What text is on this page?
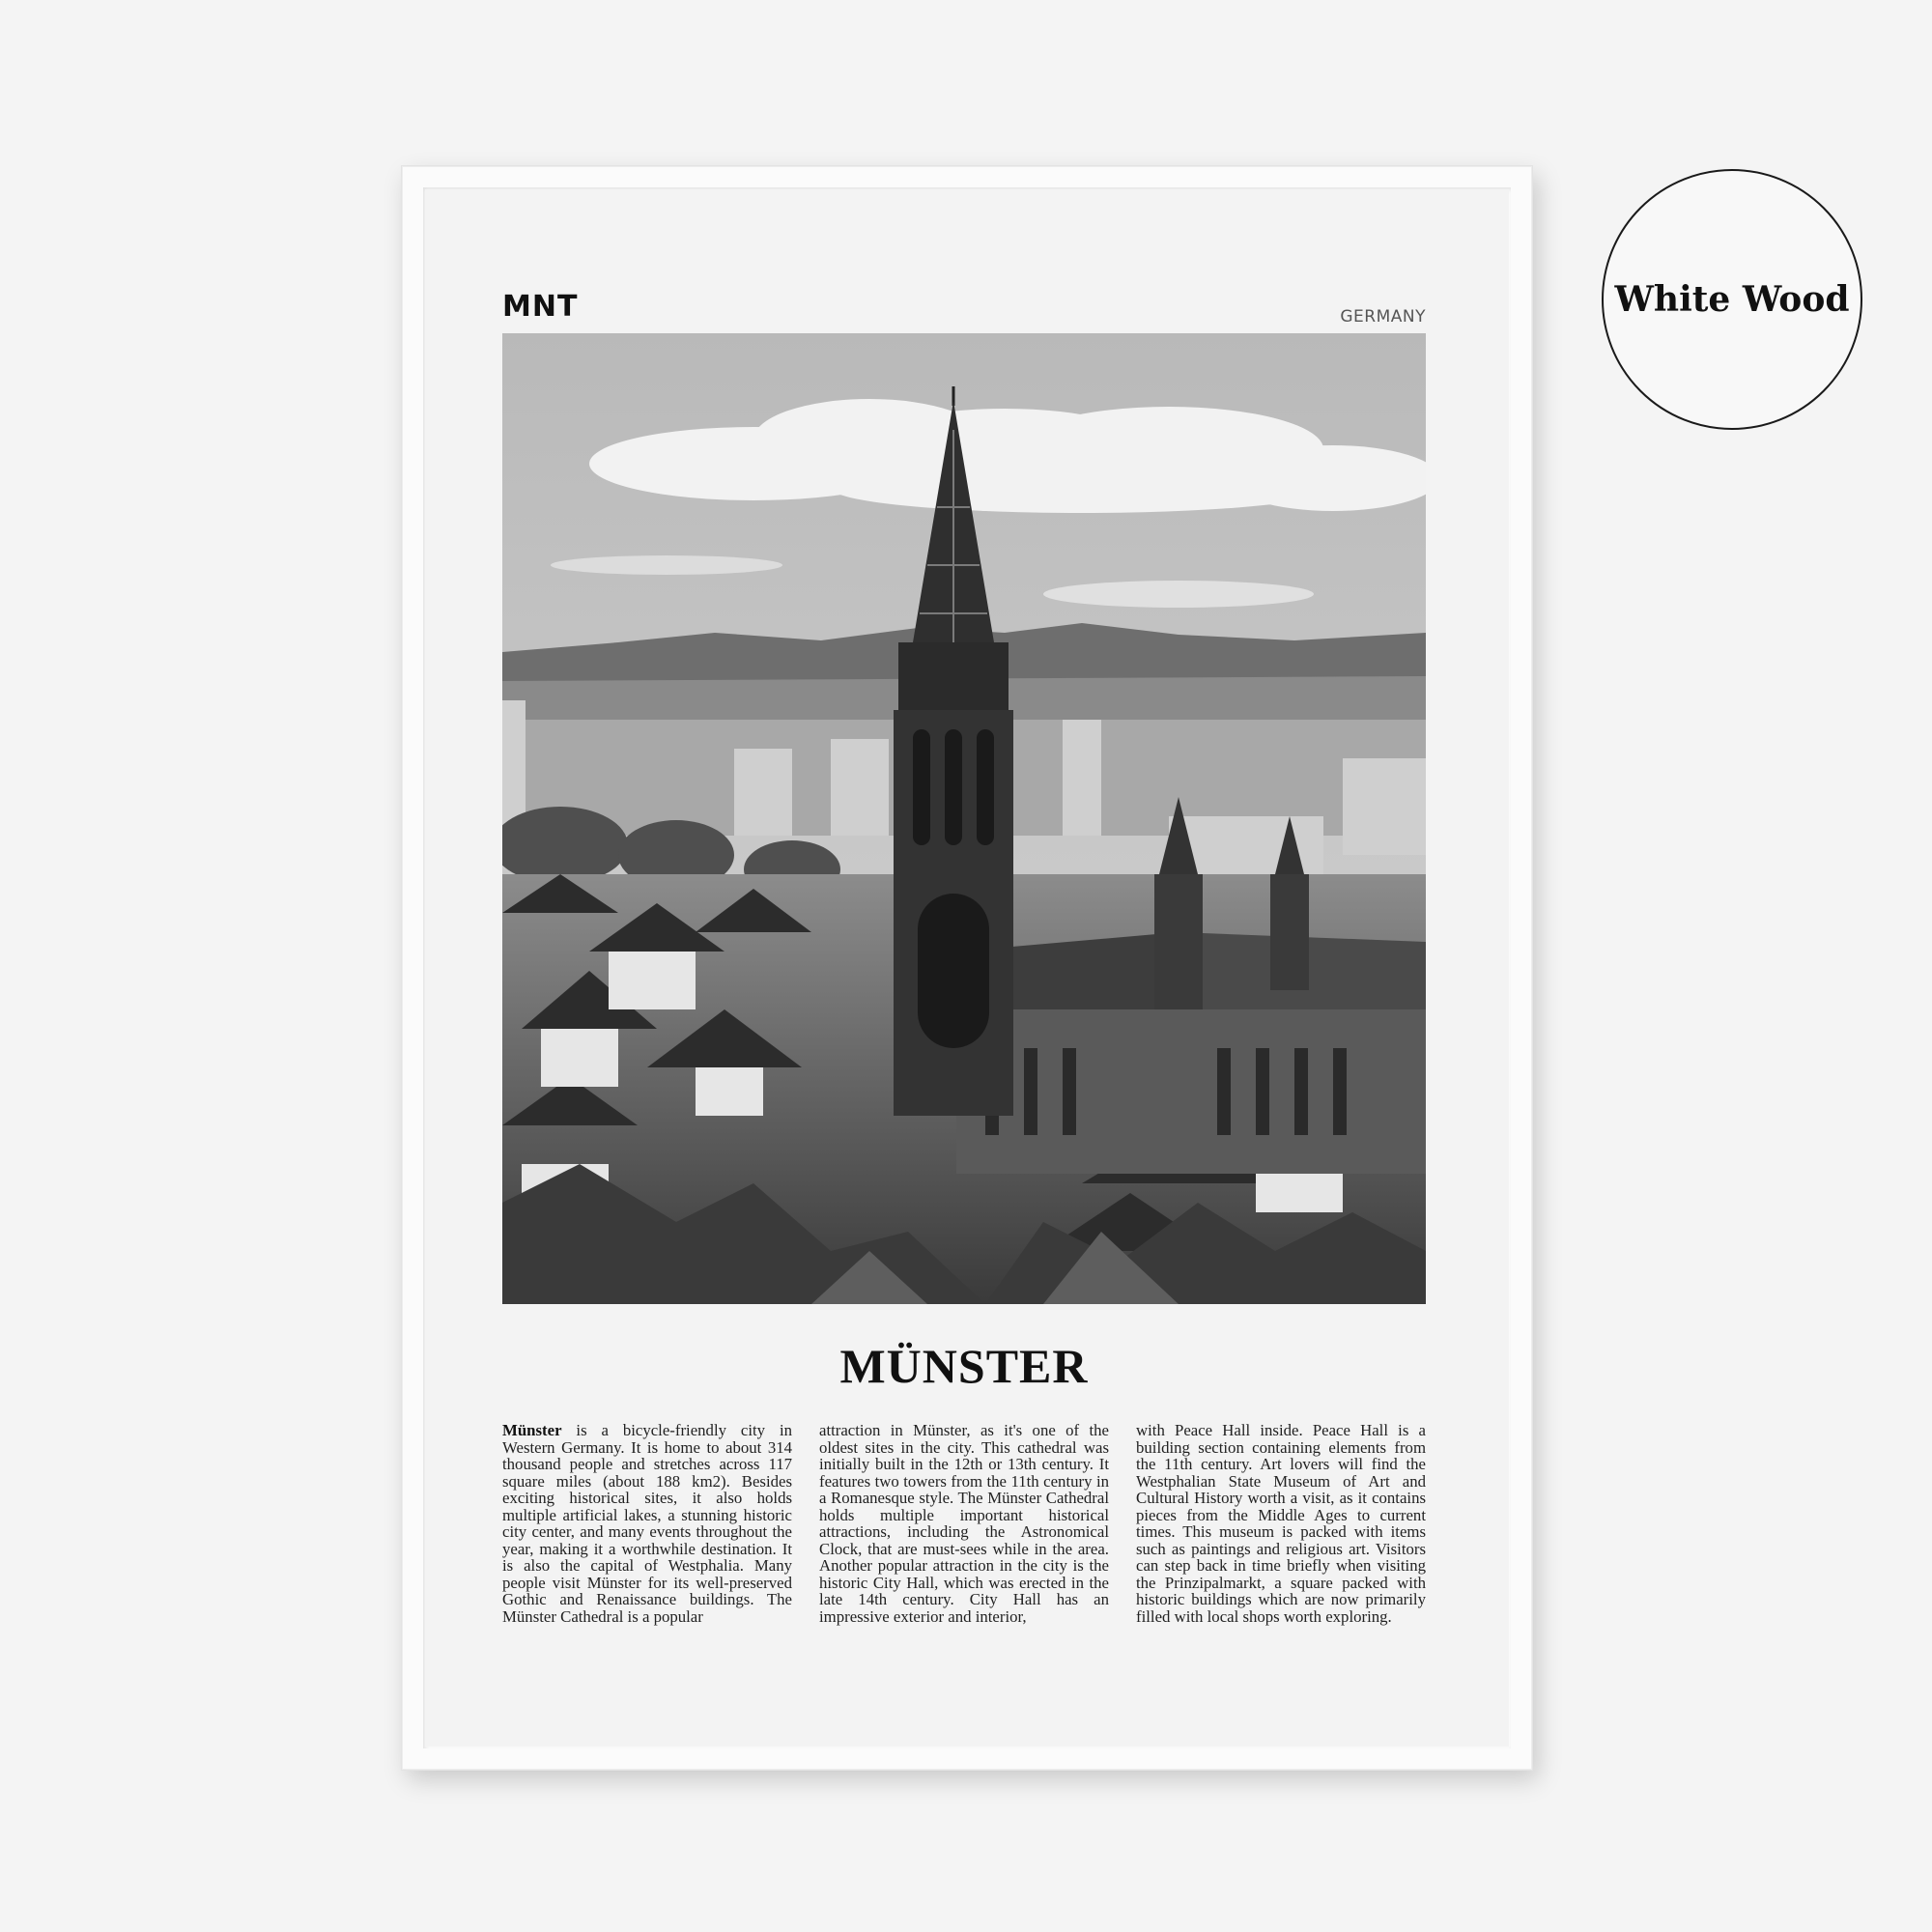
MNT	GERMANY
MÜNSTER
Münster is a bicycle-friendly city in Western Germany. It is home to about 314 thousand people and stretches across 117 square miles (about 188 km2). Besides exciting historical sites, it also holds multiple artificial lakes, a stunning historic city center, and many events throughout the year, making it a worthwhile destination. It is also the capital of Westphalia. Many people visit Münster for its well-preserved Gothic and Renaissance buildings. The Münster Cathedral is a popular
attraction in Münster, as it's one of the oldest sites in the city. This cathedral was initially built in the 12th or 13th century. It features two towers from the 11th century in a Romanesque style. The Münster Cathedral holds multiple important historical attractions, including the Astronomical Clock, that are must-sees while in the area. Another popular attraction in the city is the historic City Hall, which was erected in the late 14th century. City Hall has an impressive exterior and interior,
with Peace Hall inside. Peace Hall is a building section containing elements from the 11th century. Art lovers will find the Westphalian State Museum of Art and Cultural History worth a visit, as it contains pieces from the Middle Ages to current times. This museum is packed with items such as paintings and religious art. Visitors can step back in time briefly when visiting the Prinzipalmarkt, a square packed with historic buildings which are now primarily filled with local shops worth exploring.
White Wood
